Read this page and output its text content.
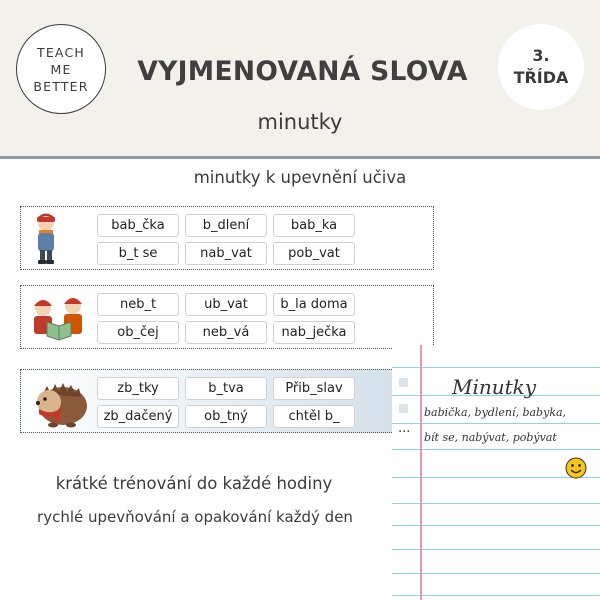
TEACH
ME
BETTER	VYJMENOVANÁ SLOVA
3.
TŘÍDA
minutky
minutky k upevnění učiva
bab_čka	b_dlení	bab_ka
b_t se	nab_vat	pob_vat
neb_t	ub_vat	b_la doma
ob_čej	neb_vá	nab_ječka
zb_tky	b_tva	Přib_slav
zb_dačený	ob_tný	chtěl b_
...
Minutky
babička, bydlení, babyka,
bít se, nabývat, pobývat
krátké trénování do každé hodiny
rychlé upevňování a opakování každý den
